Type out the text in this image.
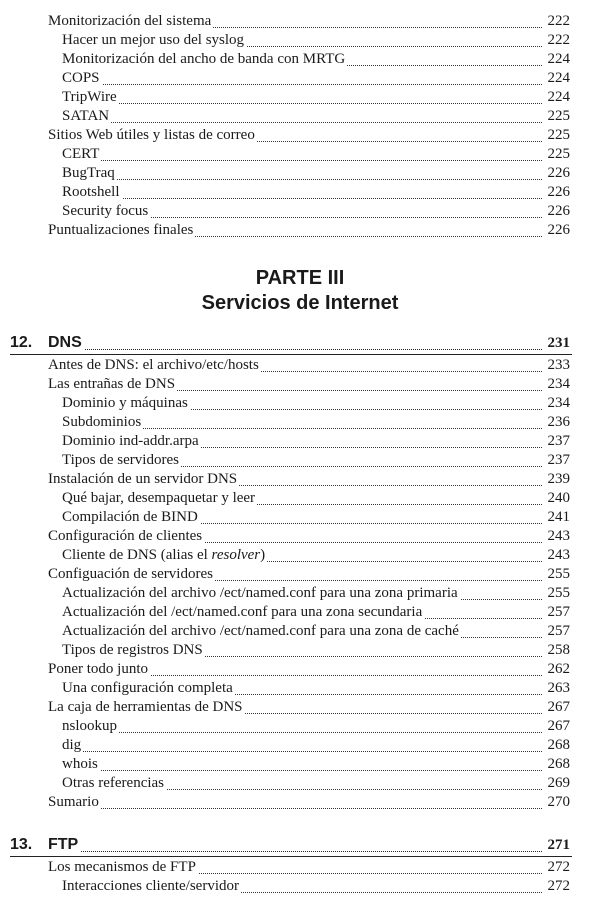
Monitorización del sistema	222
Hacer un mejor uso del syslog	222
Monitorización del ancho de banda con MRTG	224
COPS	224
TripWire	224
SATAN	225
Sitios Web útiles y listas de correo	225
CERT	225
BugTraq	226
Rootshell	226
Security focus	226
Puntualizaciones finales	226
PARTE III
Servicios de Internet
12. DNS	231
Antes de DNS: el archivo/etc/hosts	233
Las entrañas de DNS	234
Dominio y máquinas	234
Subdominios	236
Dominio ind-addr.arpa	237
Tipos de servidores	237
Instalación de un servidor DNS	239
Qué bajar, desempaquetar y leer	240
Compilación de BIND	241
Configuración de clientes	243
Cliente de DNS (alias el resolver)	243
Configuación de servidores	255
Actualización del archivo /ect/named.conf para una zona primaria	255
Actualización del /ect/named.conf para una zona secundaria	257
Actualización del archivo /ect/named.conf para una zona de caché	257
Tipos de registros DNS	258
Poner todo junto	262
Una configuración completa	263
La caja de herramientas de DNS	267
nslookup	267
dig	268
whois	268
Otras referencias	269
Sumario	270
13. FTP	271
Los mecanismos de FTP	272
Interacciones cliente/servidor	272
